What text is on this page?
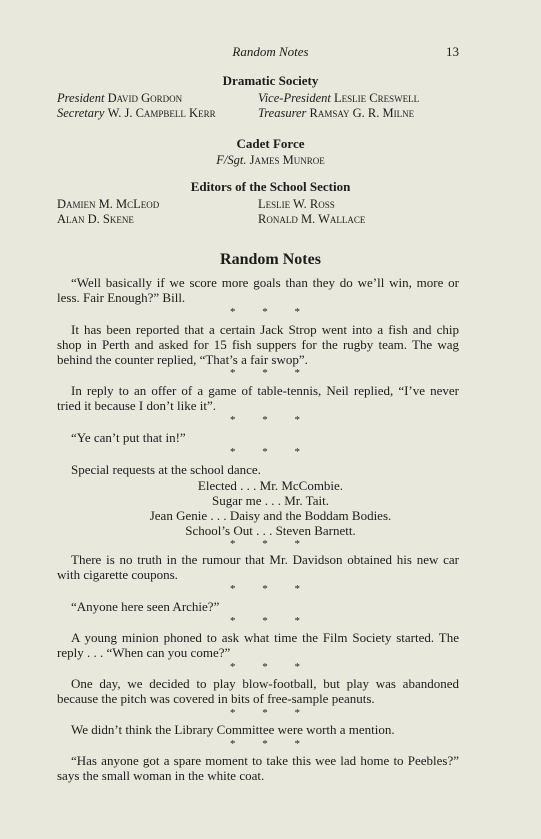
Random Notes	13
Dramatic Society
President David Gordon	Vice-President Leslie Creswell
Secretary W. J. Campbell Kerr	Treasurer Ramsay G. R. Milne
Cadet Force
F/Sgt. James Munroe
Editors of the School Section
Damien M. McLeod	Leslie W. Ross
Alan D. Skene	Ronald M. Wallace
Random Notes
“Well basically if we score more goals than they do we’ll win, more or less. Fair Enough?” Bill.
* * *
It has been reported that a certain Jack Strop went into a fish and chip shop in Perth and asked for 15 fish suppers for the rugby team. The wag behind the counter replied, “That’s a fair swop”.
* * *
In reply to an offer of a game of table-tennis, Neil replied, “I’ve never tried it because I don’t like it”.
* * *
“Ye can’t put that in!”
* * *
Special requests at the school dance.
Elected . . . Mr. McCombie.
Sugar me . . . Mr. Tait.
Jean Genie . . . Daisy and the Boddam Bodies.
School’s Out . . . Steven Barnett.
* * *
There is no truth in the rumour that Mr. Davidson obtained his new car with cigarette coupons.
* * *
“Anyone here seen Archie?”
* * *
A young minion phoned to ask what time the Film Society started. The reply . . . “When can you come?”
* * *
One day, we decided to play blow-football, but play was abandoned because the pitch was covered in bits of free-sample peanuts.
* * *
We didn’t think the Library Committee were worth a mention.
* * *
“Has anyone got a spare moment to take this wee lad home to Peebles?” says the small woman in the white coat.
